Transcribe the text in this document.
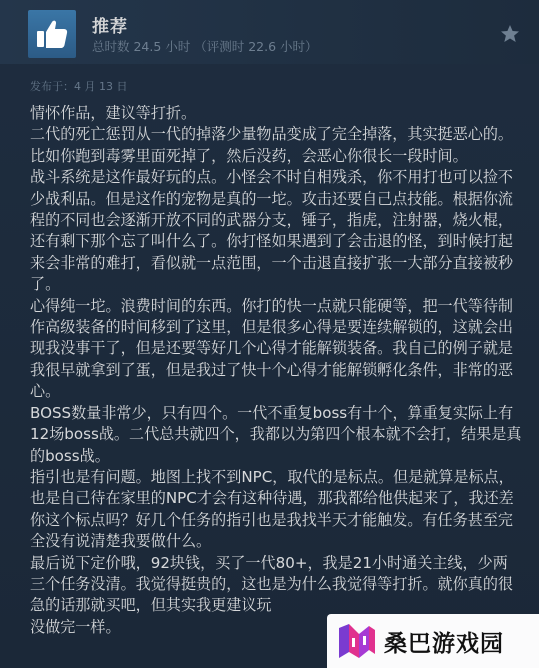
推荐
总时数 24.5 小时 （评测时 22.6 小时）
发布于：4 月 13 日

情怀作品，建议等打折。

二代的死亡惩罚从一代的掉落少量物品变成了完全掉落，其实挺恶心的。比如你跑到毒雾里面死掉了，然后没药，会恶心你很长一段时间。

战斗系统是这作最好玩的点。小怪会不时自相残杀，你不用打也可以捡不少战利品。但是这作的宠物是真的一坨。攻击还要自己点技能。根据你流程的不同也会逐渐开放不同的武器分支，锤子，指虎，注射器，烧火棍，还有剩下那个忘了叫什么了。你打怪如果遇到了会击退的怪，到时候打起来会非常的难打，看似就一点范围，一个击退直接扩张一大部分直接被秒了。

心得纯一坨。浪费时间的东西。你打的快一点就只能硬等，把一代等待制作高级装备的时间移到了这里，但是很多心得是要连续解锁的，这就会出现我没事干了，但是还要等好几个心得才能解锁装备。我自己的例子就是我很早就拿到了蛋，但是我过了快十个心得才能解锁孵化条件，非常的恶心。

BOSS数量非常少，只有四个。一代不重复boss有十个，算重复实际上有12场boss战。二代总共就四个，我都以为第四个根本就不会打，结果是真的boss战。

指引也是有问题。地图上找不到NPC，取代的是标点。但是就算是标点，也是自己待在家里的NPC才会有这种待遇，那我都给他供起来了，我还差你这个标点吗？好几个任务的指引也是我找半天才能触发。有任务甚至完全没有说清楚我要做什么。

最后说下定价哦，92块钱，买了一代80+，我是21小时通关主线，少两三个任务没清。我觉得挺贵的，这也是为什么我觉得等打折。就你真的很急的话那就买吧，但其实我更建议玩

没做完一样。

桑巴游戏园
